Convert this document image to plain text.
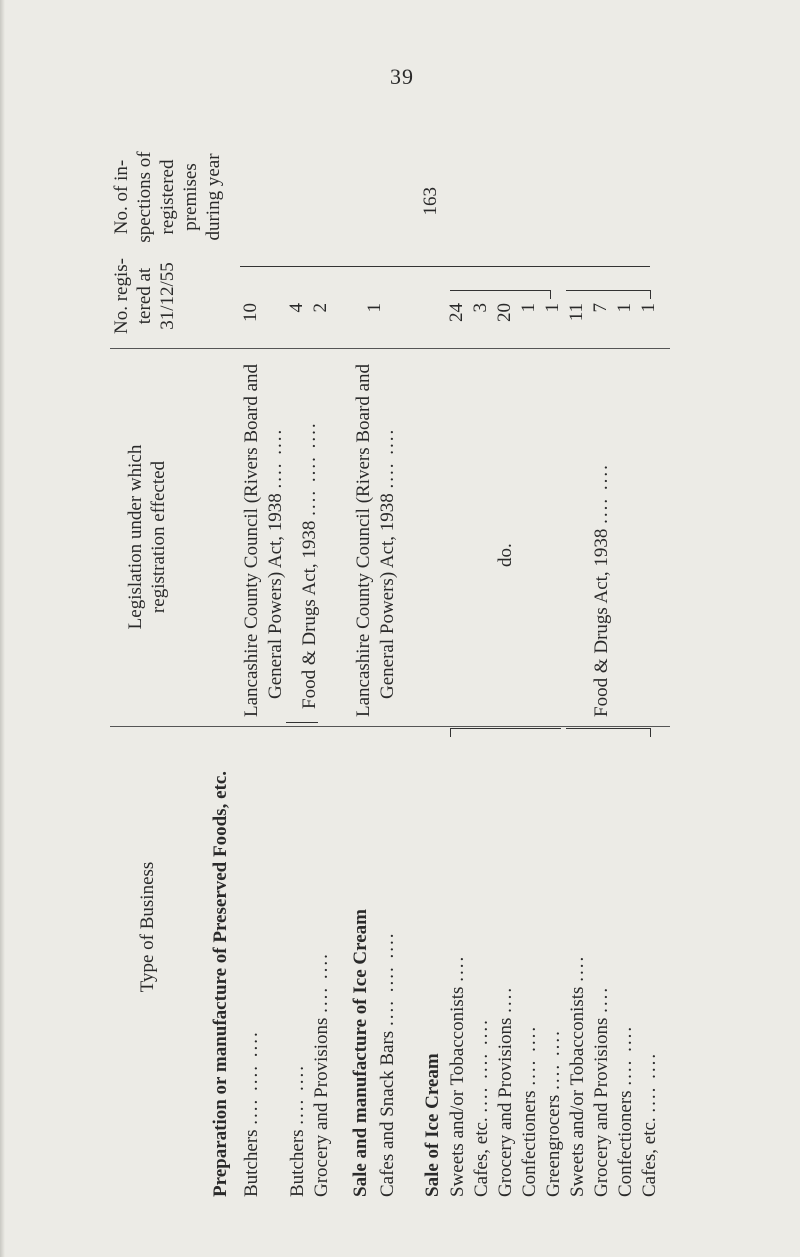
39
Type of Business
Legislation under which
registration effected
No. regis-
tered at
31/12/55
No. of in-
spections of
registered
premises
during year
Preparation or manufacture of Preserved Foods, etc. Butchers .... .... ....
Butchers .... .... Grocery and Provisions .... ....
Lancashire County Council (Rivers Board and General Powers) Act, 1938 .... ....
Food & Drugs Act, 1938 .... .... ....
10 4 2
Sale and manufacture of Ice Cream Cafes and Snack Bars .... .... ....
Lancashire County Council (Rivers Board and General Powers) Act, 1938 .... ....
1
Sale of Ice Cream Sweets and/or Tobacconists ....
Cafes, etc. .... .... .... Grocery and Provisions ....
Confectioners .... ....
Greengrocers .... .... Sweets and/or Tobacconists ....
Grocery and Provisions ....
Confectioners .... ....
Cafes, etc. .... ....
do.	Food & Drugs Act, 1938 .... ....
24 3 20 1 1 11 7 1 1
163
